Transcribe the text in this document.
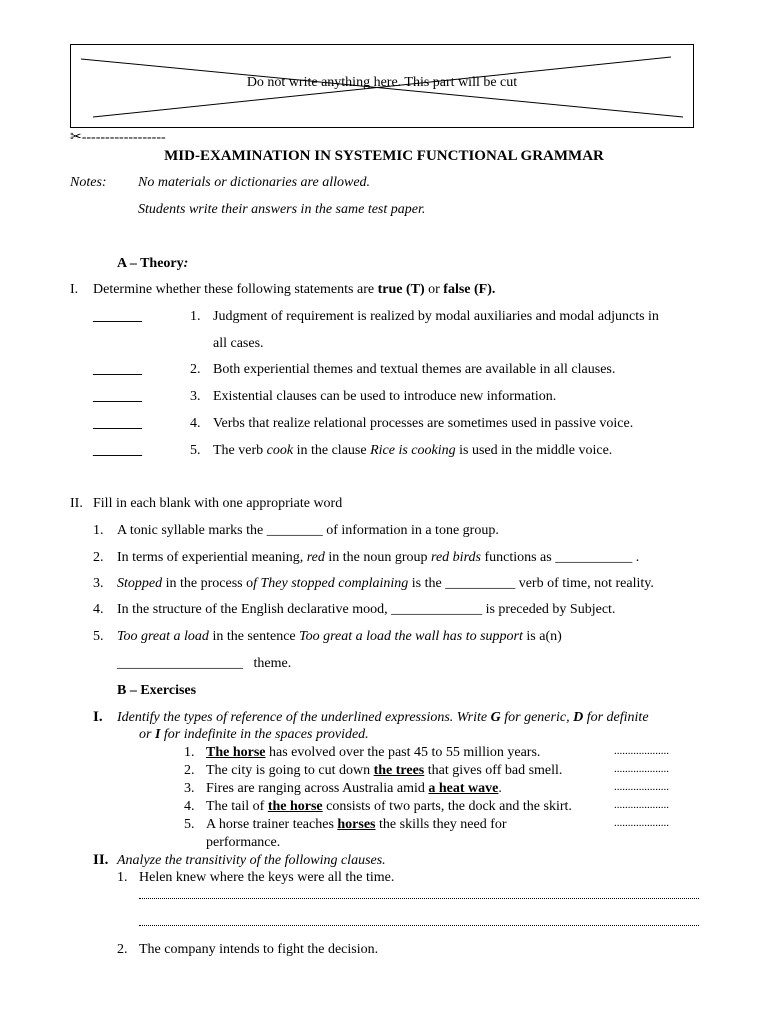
Do not write anything here. This part will be cut
✂------------------
MID-EXAMINATION IN SYSTEMIC FUNCTIONAL GRAMMAR
Notes: No materials or dictionaries are allowed.
Students write their answers in the same test paper.
A – Theory:
I. Determine whether these following statements are true (T) or false (F).
_______	1. Judgment of requirement is realized by modal auxiliaries and modal adjuncts in
all cases.
_______	2. Both experiential themes and textual themes are available in all clauses.
_______	3. Existential clauses can be used to introduce new information.
_______	4. Verbs that realize relational processes are sometimes used in passive voice.
_______	5. The verb cook in the clause Rice is cooking is used in the middle voice.
II. Fill in each blank with one appropriate word
1. A tonic syllable marks the ________ of information in a tone group.
2. In terms of experiential meaning, red in the noun group red birds functions as ___________ .
3. Stopped in the process of They stopped complaining is the __________ verb of time, not reality.
4. In the structure of the English declarative mood, _____________ is preceded by Subject.
5. Too great a load in the sentence Too great a load the wall has to support is a(n)
__________________   theme.
B – Exercises
I. Identify the types of reference of the underlined expressions. Write G for generic, D for definite
or I for indefinite in the spaces provided.
1. The horse has evolved over the past 45 to 55 million years.	....................
2. The city is going to cut down the trees that gives off bad smell.	....................
3. Fires are ranging across Australia amid a heat wave.	....................
4. The tail of the horse consists of two parts, the dock and the skirt.	....................
5. A horse trainer teaches horses the skills they need for	....................
performance.
II. Analyze the transitivity of the following clauses.
1. Helen knew where the keys were all the time.
2. The company intends to fight the decision.
